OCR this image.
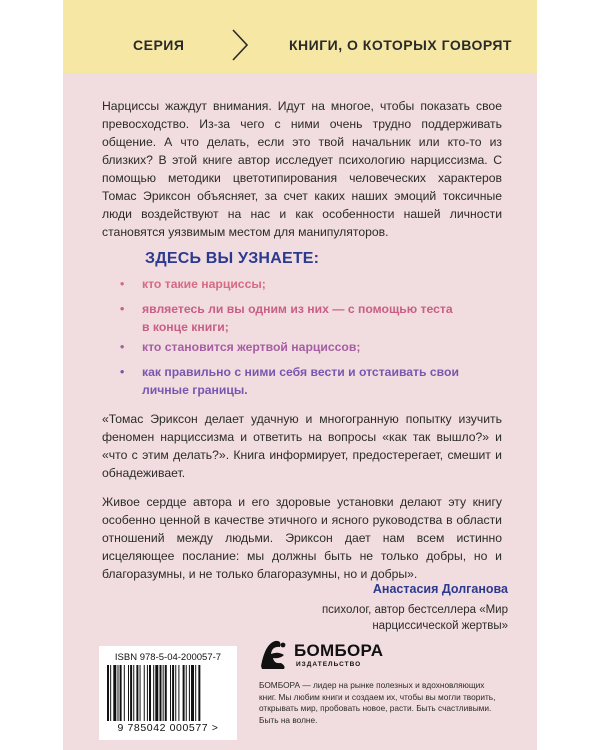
СЕРИЯ	КНИГИ, О КОТОРЫХ ГОВОРЯТ

Нарциссы жаждут внимания. Идут на многое, чтобы показать свое превосходство. Из-за чего с ними очень трудно поддерживать общение. А что делать, если это твой начальник или кто-то из близких? В этой книге автор исследует психологию нарциссизма. С помощью методики цветотипирования человеческих характеров Томас Эриксон объясняет, за счет каких наших эмоций токсичные люди воздействуют на нас и как особенности нашей личности становятся уязвимым местом для манипуляторов.

ЗДЕСЬ ВЫ УЗНАЕТЕ:
• кто такие нарциссы;
• являетесь ли вы одним из них — с помощью теста в конце книги;
• кто становится жертвой нарциссов;
• как правильно с ними себя вести и отстаивать свои личные границы.

«Томас Эриксон делает удачную и многогранную попытку изучить феномен нарциссизма и ответить на вопросы «как так вышло?» и «что с этим делать?». Книга информирует, предостерегает, смешит и обнадеживает.

Живое сердце автора и его здоровые установки делают эту книгу особенно ценной в качестве этичного и ясного руководства в области отношений между людьми. Эриксон дает нам всем истинно исцеляющее послание: мы должны быть не только добры, но и благоразумны, и не только благоразумны, но и добры».

Анастасия Долганова
психолог, автор бестселлера «Мир нарциссической жертвы»
ISBN 978-5-04-200057-7
9 785042 000577 >
БОМБОРА
ИЗДАТЕЛЬСТВО

БОМБОРА — лидер на рынке полезных и вдохновляющих книг. Мы любим книги и создаем их, чтобы вы могли творить, открывать мир, пробовать новое, расти. Быть счастливыми. Быть на волне.
